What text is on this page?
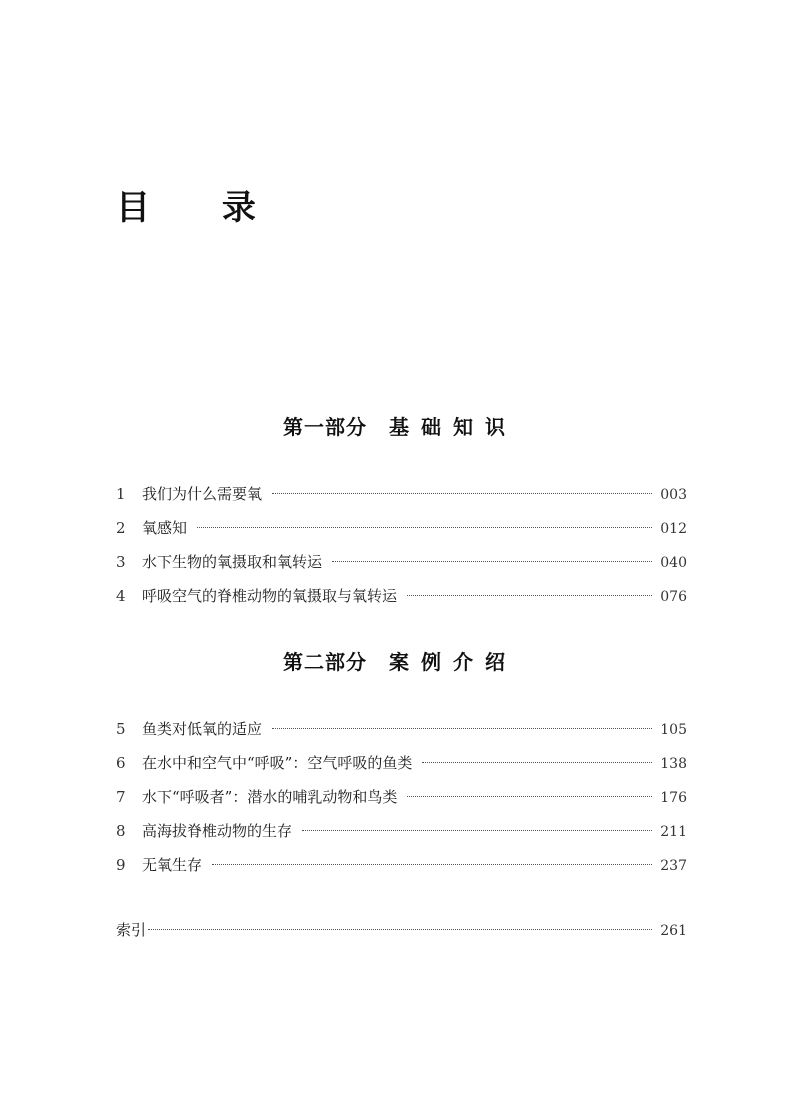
目 录
第一部分 基础知识
1	我们为什么需要氧	003
2	氧感知	012
3	水下生物的氧摄取和氧转运	040
4	呼吸空气的脊椎动物的氧摄取与氧转运	076
第二部分 案例介绍
5	鱼类对低氧的适应	105
6	在水中和空气中“呼吸”：空气呼吸的鱼类	138
7	水下“呼吸者”：潜水的哺乳动物和鸟类	176
8	高海拔脊椎动物的生存	211
9	无氧生存	237
索引	261
